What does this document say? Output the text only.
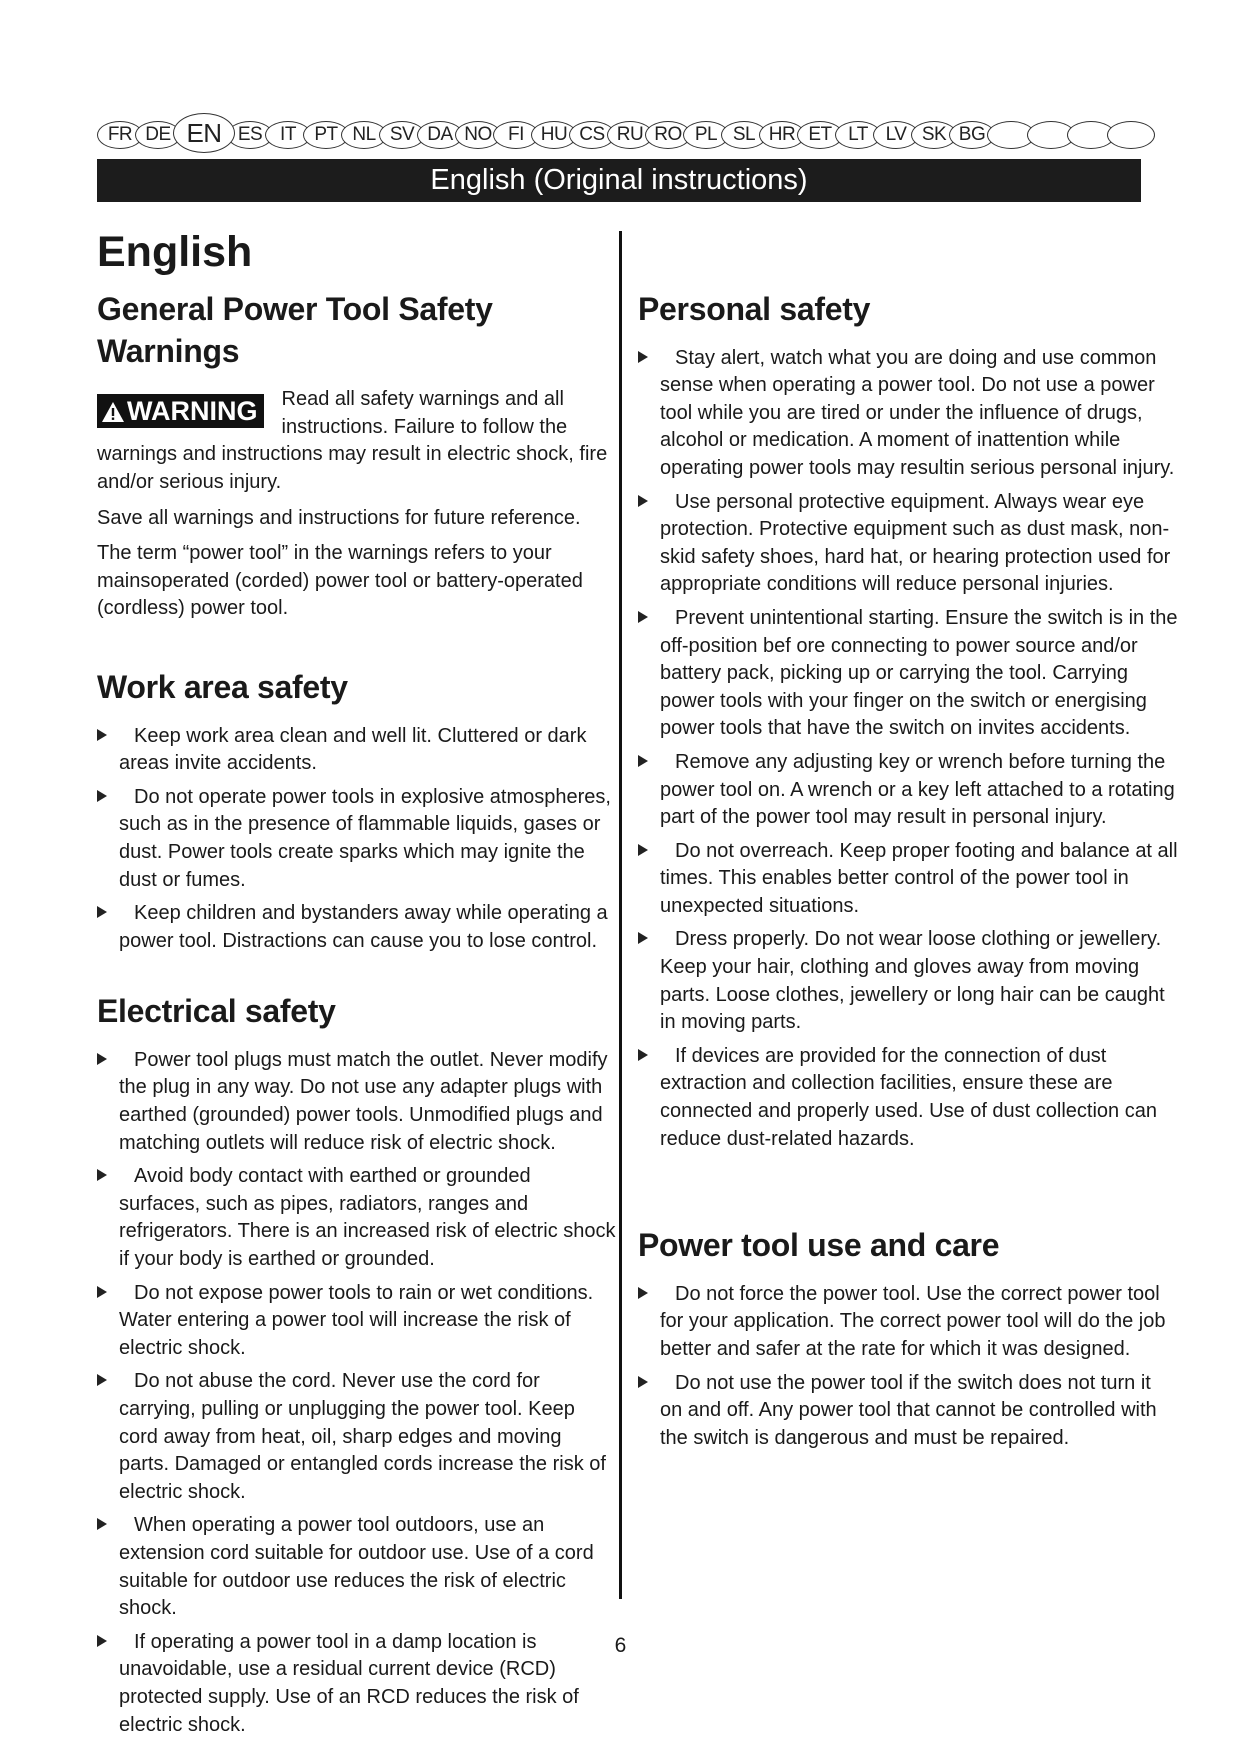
FR DE EN ES IT PT NL SV DA NO FI HU CS RU RO PL SL HR ET LT LV SK BG
English (Original instructions)
English
General Power Tool Safety Warnings
WARNING	Read all safety warnings and all instructions. Failure to follow the warnings and instructions may result in electric shock, fire and/or serious injury.

Save all warnings and instructions for future reference.

The term “power tool” in the warnings refers to your mainsoperated (corded) power tool or battery-operated (cordless) power tool.

Work area safety
Keep work area clean and well lit. Cluttered or dark areas invite accidents.
Do not operate power tools in explosive atmospheres, such as in the presence of flammable liquids, gases or dust. Power tools create sparks which may ignite the dust or fumes.
Keep children and bystanders away while operating a power tool. Distractions can cause you to lose control.
Electrical safety
Power tool plugs must match the outlet. Never modify the plug in any way. Do not use any adapter plugs with earthed (grounded) power tools. Unmodified plugs and matching outlets will reduce risk of electric shock.
Avoid body contact with earthed or grounded surfaces, such as pipes, radiators, ranges and refrigerators. There is an increased risk of electric shock if your body is earthed or grounded.
Do not expose power tools to rain or wet conditions. Water entering a power tool will increase the risk of electric shock.
Do not abuse the cord. Never use the cord for carrying, pulling or unplugging the power tool. Keep cord away from heat, oil, sharp edges and moving parts. Damaged or entangled cords increase the risk of electric shock.
When operating a power tool outdoors, use an extension cord suitable for outdoor use. Use of a cord suitable for outdoor use reduces the risk of electric shock.
If operating a power tool in a damp location is unavoidable, use a residual current device (RCD) protected supply. Use of an RCD reduces the risk of electric shock.
Personal safety
Stay alert, watch what you are doing and use common sense when operating a power tool. Do not use a power tool while you are tired or under the influence of drugs, alcohol or medication. A moment of inattention while operating power tools may resultin serious personal injury.
Use personal protective equipment. Always wear eye protection. Protective equipment such as dust mask, non-skid safety shoes, hard hat, or hearing protection used for appropriate conditions will reduce personal injuries.
Prevent unintentional starting. Ensure the switch is in the off-position bef ore connecting to power source and/or battery pack, picking up or carrying the tool. Carrying power tools with your finger on the switch or energising power tools that have the switch on invites accidents.
Remove any adjusting key or wrench before turning the power tool on. A wrench or a key left attached to a rotating part of the power tool may result in personal injury.
Do not overreach. Keep proper footing and balance at all times. This enables better control of the power tool in unexpected situations.
Dress properly. Do not wear loose clothing or jewellery. Keep your hair, clothing and gloves away from moving parts. Loose clothes, jewellery or long hair can be caught in moving parts.
If devices are provided for the connection of dust extraction and collection facilities, ensure these are connected and properly used. Use of dust collection can reduce dust-related hazards.
Power tool use and care
Do not force the power tool. Use the correct power tool for your application. The correct power tool will do the job better and safer at the rate for which it was designed.
Do not use the power tool if the switch does not turn it on and off. Any power tool that cannot be controlled with the switch is dangerous and must be repaired.
6
